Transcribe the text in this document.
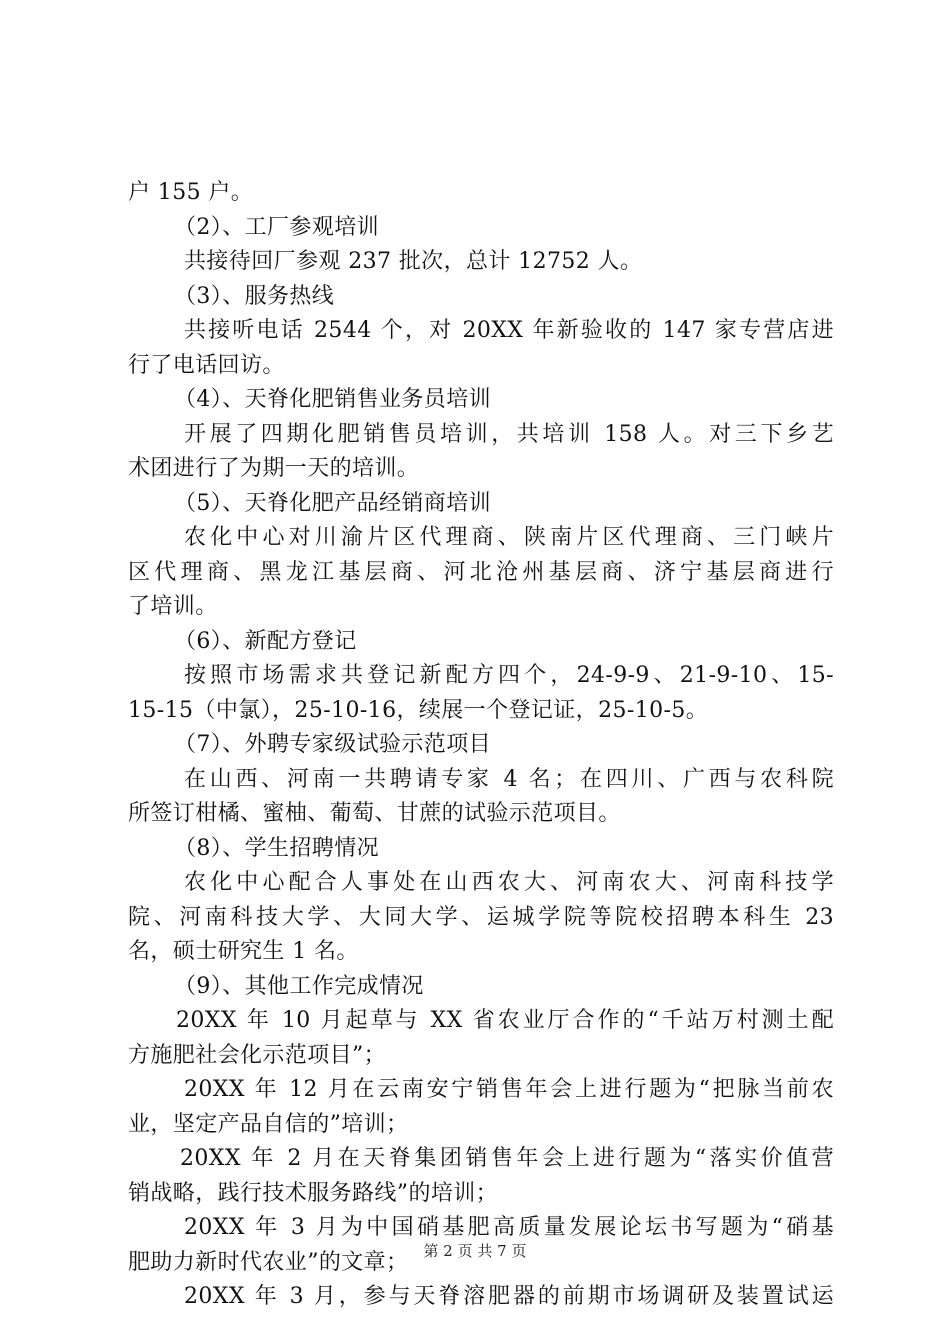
户 155 户。
（2）、工厂参观培训
共接待回厂参观 237 批次，总计 12752 人。
（3）、服务热线
共接听电话 2544 个，对 20XX 年新验收的 147 家专营店进
行了电话回访。
（4）、天脊化肥销售业务员培训
开展了四期化肥销售员培训，共培训 158 人。对三下乡艺
术团进行了为期一天的培训。
（5）、天脊化肥产品经销商培训
农化中心对川渝片区代理商、陕南片区代理商、三门峡片
区代理商、黑龙江基层商、河北沧州基层商、济宁基层商进行
了培训。
（6）、新配方登记
按照市场需求共登记新配方四个，24-9-9、21-9-10、15-
15-15（中氯），25-10-16，续展一个登记证，25-10-5。
（7）、外聘专家级试验示范项目
在山西、河南一共聘请专家 4 名；在四川、广西与农科院
所签订柑橘、蜜柚、葡萄、甘蔗的试验示范项目。
（8）、学生招聘情况
农化中心配合人事处在山西农大、河南农大、河南科技学
院、河南科技大学、大同大学、运城学院等院校招聘本科生 23
名，硕士研究生 1 名。
（9）、其他工作完成情况
20XX 年 10 月起草与 XX 省农业厅合作的“千站万村测土配
方施肥社会化示范项目”；
20XX 年 12 月在云南安宁销售年会上进行题为“把脉当前农
业，坚定产品自信的”培训；
20XX 年 2 月在天脊集团销售年会上进行题为“落实价值营
销战略，践行技术服务路线”的培训；
20XX 年 3 月为中国硝基肥高质量发展论坛书写题为“硝基
肥助力新时代农业”的文章；
20XX 年 3 月，参与天脊溶肥器的前期市场调研及装置试运
第 2 页 共 7 页
